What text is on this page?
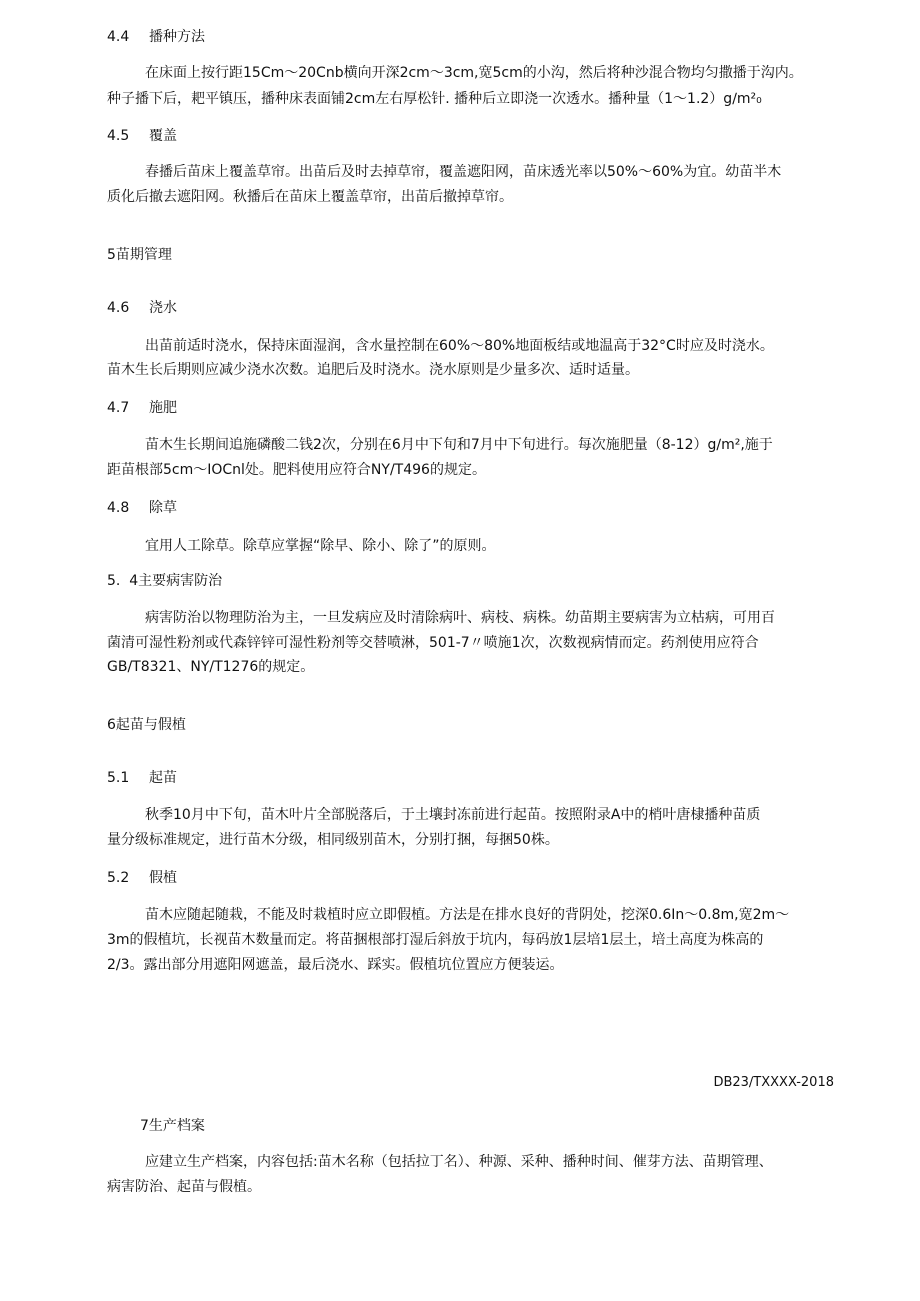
4.4 播种方法
在床面上按行距15Cm～20Cnb横向开深2cm～3cm,宽5cm的小沟，然后将种沙混合物均匀撒播于沟内。
种子播下后，耙平镇压，播种床表面铺2cm左右厚松针. 播种后立即浇一次透水。播种量（1～1.2）g∕m²₀
4.5 覆盖
春播后苗床上覆盖草帘。出苗后及时去掉草帘，覆盖遮阳网，苗床透光率以50%～60%为宜。幼苗半木
质化后撤去遮阳网。秋播后在苗床上覆盖草帘，出苗后撤掉草帘。
5苗期管理
4.6 浇水
出苗前适时浇水，保持床面湿润，含水量控制在60%～80%地面板结或地温高于32°C时应及时浇水。
苗木生长后期则应减少浇水次数。追肥后及时浇水。浇水原则是少量多次、适时适量。
4.7 施肥
苗木生长期间追施磷酸二钱2次，分别在6月中下旬和7月中下旬进行。每次施肥量（8-12）g∕m²,施于
距苗根部5cm～IOCnl处。肥料使用应符合NY/T496的规定。
4.8 除草
宜用人工除草。除草应掌握“除早、除小、除了”的原则。
5.  4主要病害防治
病害防治以物理防治为主，一旦发病应及时清除病叶、病枝、病株。幼苗期主要病害为立枯病，可用百
菌清可湿性粉剂或代森锌锌可湿性粉剂等交替喷淋，501-7〃喷施1次，次数视病情而定。药剂使用应符合
GB/T8321、NY/T1276的规定。
6起苗与假植
5.1 起苗
秋季10月中下旬，苗木叶片全部脱落后，于土壤封冻前进行起苗。按照附录A中的梢叶唐棣播种苗质
量分级标准规定，进行苗木分级，相同级别苗木，分别打捆，每捆50株。
5.2 假植
苗木应随起随栽，不能及时栽植时应立即假植。方法是在排水良好的背阴处，挖深0.6In～0.8m,宽2m～
3m的假植坑，长视苗木数量而定。将苗捆根部打湿后斜放于坑内，每码放1层培1层土，培土高度为株高的
2/3。露出部分用遮阳网遮盖，最后浇水、踩实。假植坑位置应方便装运。
DB23∕TXXXX-2018
7生产档案
应建立生产档案，内容包括:苗木名称（包括拉丁名）、种源、采种、播种时间、催芽方法、苗期管理、
病害防治、起苗与假植。
